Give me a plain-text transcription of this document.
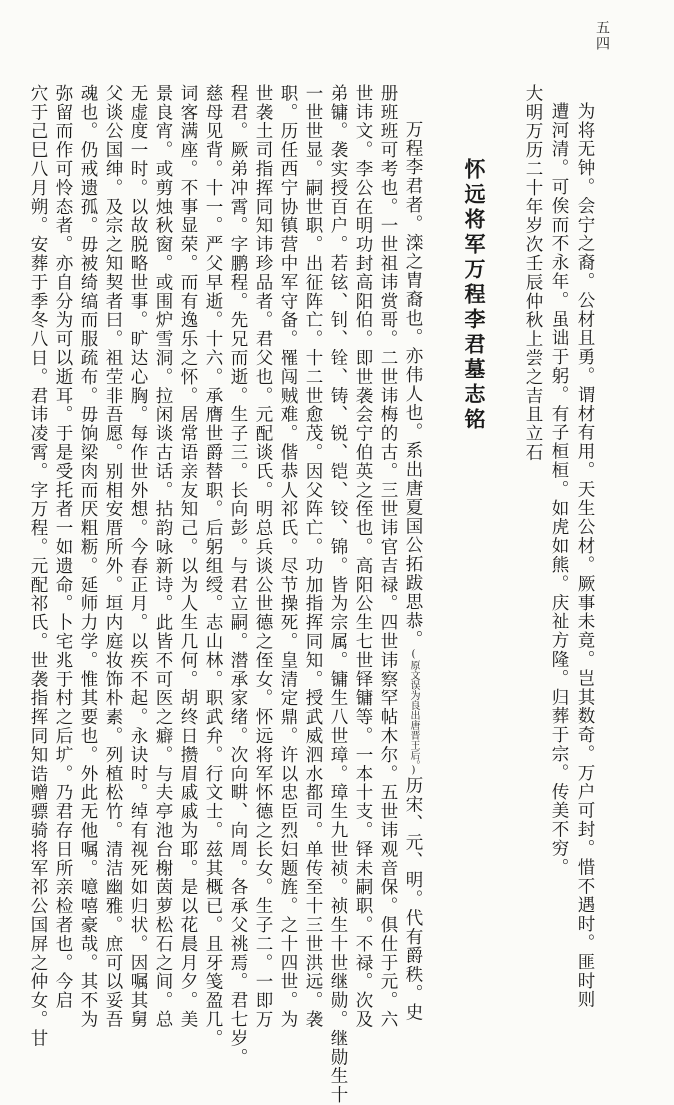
五四
为将无钟。会宁之裔。公材且勇。谓材有用。天生公材。厥事未竟。岂其数奇。万户可封。惜不遇时。匪时则
遭河清。可俟而不永年。虽诎于躬。有子桓桓。如虎如熊。庆祉方隆。归葬于宗。传美不穷。
大明万历二十年岁次壬辰仲秋上尝之吉且立石
怀远将军万程李君墓志铭
万程李君者。滦之胄裔也。亦伟人也。系出唐夏国公拓跋思恭。(原文误为良出唐晋王后。)历宋、元、明。代有爵秩。史
册班班可考也。一世祖讳赏哥。二世讳梅的古。三世讳官吉禄。四世讳察罕帖木尔。五世讳观音保。俱仕于元。六
世讳文。李公在明功封高阳伯。即世袭会宁伯英之侄也。高阳公生七世铎镛等。一本十支。铎未嗣职。不禄。次及
弟镛。袭实授百户。若铉、钊、铨、铸、锐、铠、铰、锦。皆为宗属。镛生八世璋。璋生九世祯。祯生十世继勋。继勋生十
一世世显。嗣世职。出征阵亡。十二世愈茂。因父阵亡。功加指挥同知。授武威泗水都司。单传至十三世洪远。袭
职。历任西宁协镇营中军守备。罹闯贼难。偕恭人祁氏。尽节操死。皇清定鼎。许以忠臣烈妇题旌。之十四世。为
世袭土司指挥同知讳珍品者。君父也。元配谈氏。明总兵谈公世德之侄女。怀远将军怀德之长女。生子二。一即万
程君。厥弟冲霄。字鹏程。先兄而逝。生子三。长向彭。与君立嗣。潜承家绪。次向畊、向周。各承父祧焉。君七岁。
慈母见背。十一。严父早逝。十六。承膺世爵替职。后躬组绶。志山林。职武弁。行文士。兹其概已。且牙笺盈几。
词客满座。不事显荣。而有逸乐之怀。居常语亲友知己。以为人生几何。胡终日攒眉戚戚为耶。是以花晨月夕。美
景良宵。或剪烛秋窗。或围炉雪洞。拉闲谈古话。拈韵咏新诗。此皆不可医之癖。与夫亭池台榭茵萝松石之间。总
无虚度一时。以故脱略世事。旷达心胸。每作世外想。今春正月。以疾不起。永诀时。绰有视死如归状。因嘱其舅
父谈公国绅。及宗之知契者曰。祖茔非吾愿。别相安厝所外。垣内庭妆饰朴素。列植松竹。清洁幽雅。庶可以妥吾
魂也。仍戒遗孤。毋被绮缟而服疏布。毋饷梁肉而厌粗粝。延师力学。惟其要也。外此无他嘱。噫嘻豪哉。其不为
弥留而作可怜态者。亦自分为可以逝耳。于是受托者一如遗命。卜宅兆于村之后圹。乃君存日所亲检者也。今启
穴于己巳八月朔。安葬于季冬八日。君讳凌霄。字万程。元配祁氏。世袭指挥同知诰赠骠骑将军祁公国屏之仲女。甘
